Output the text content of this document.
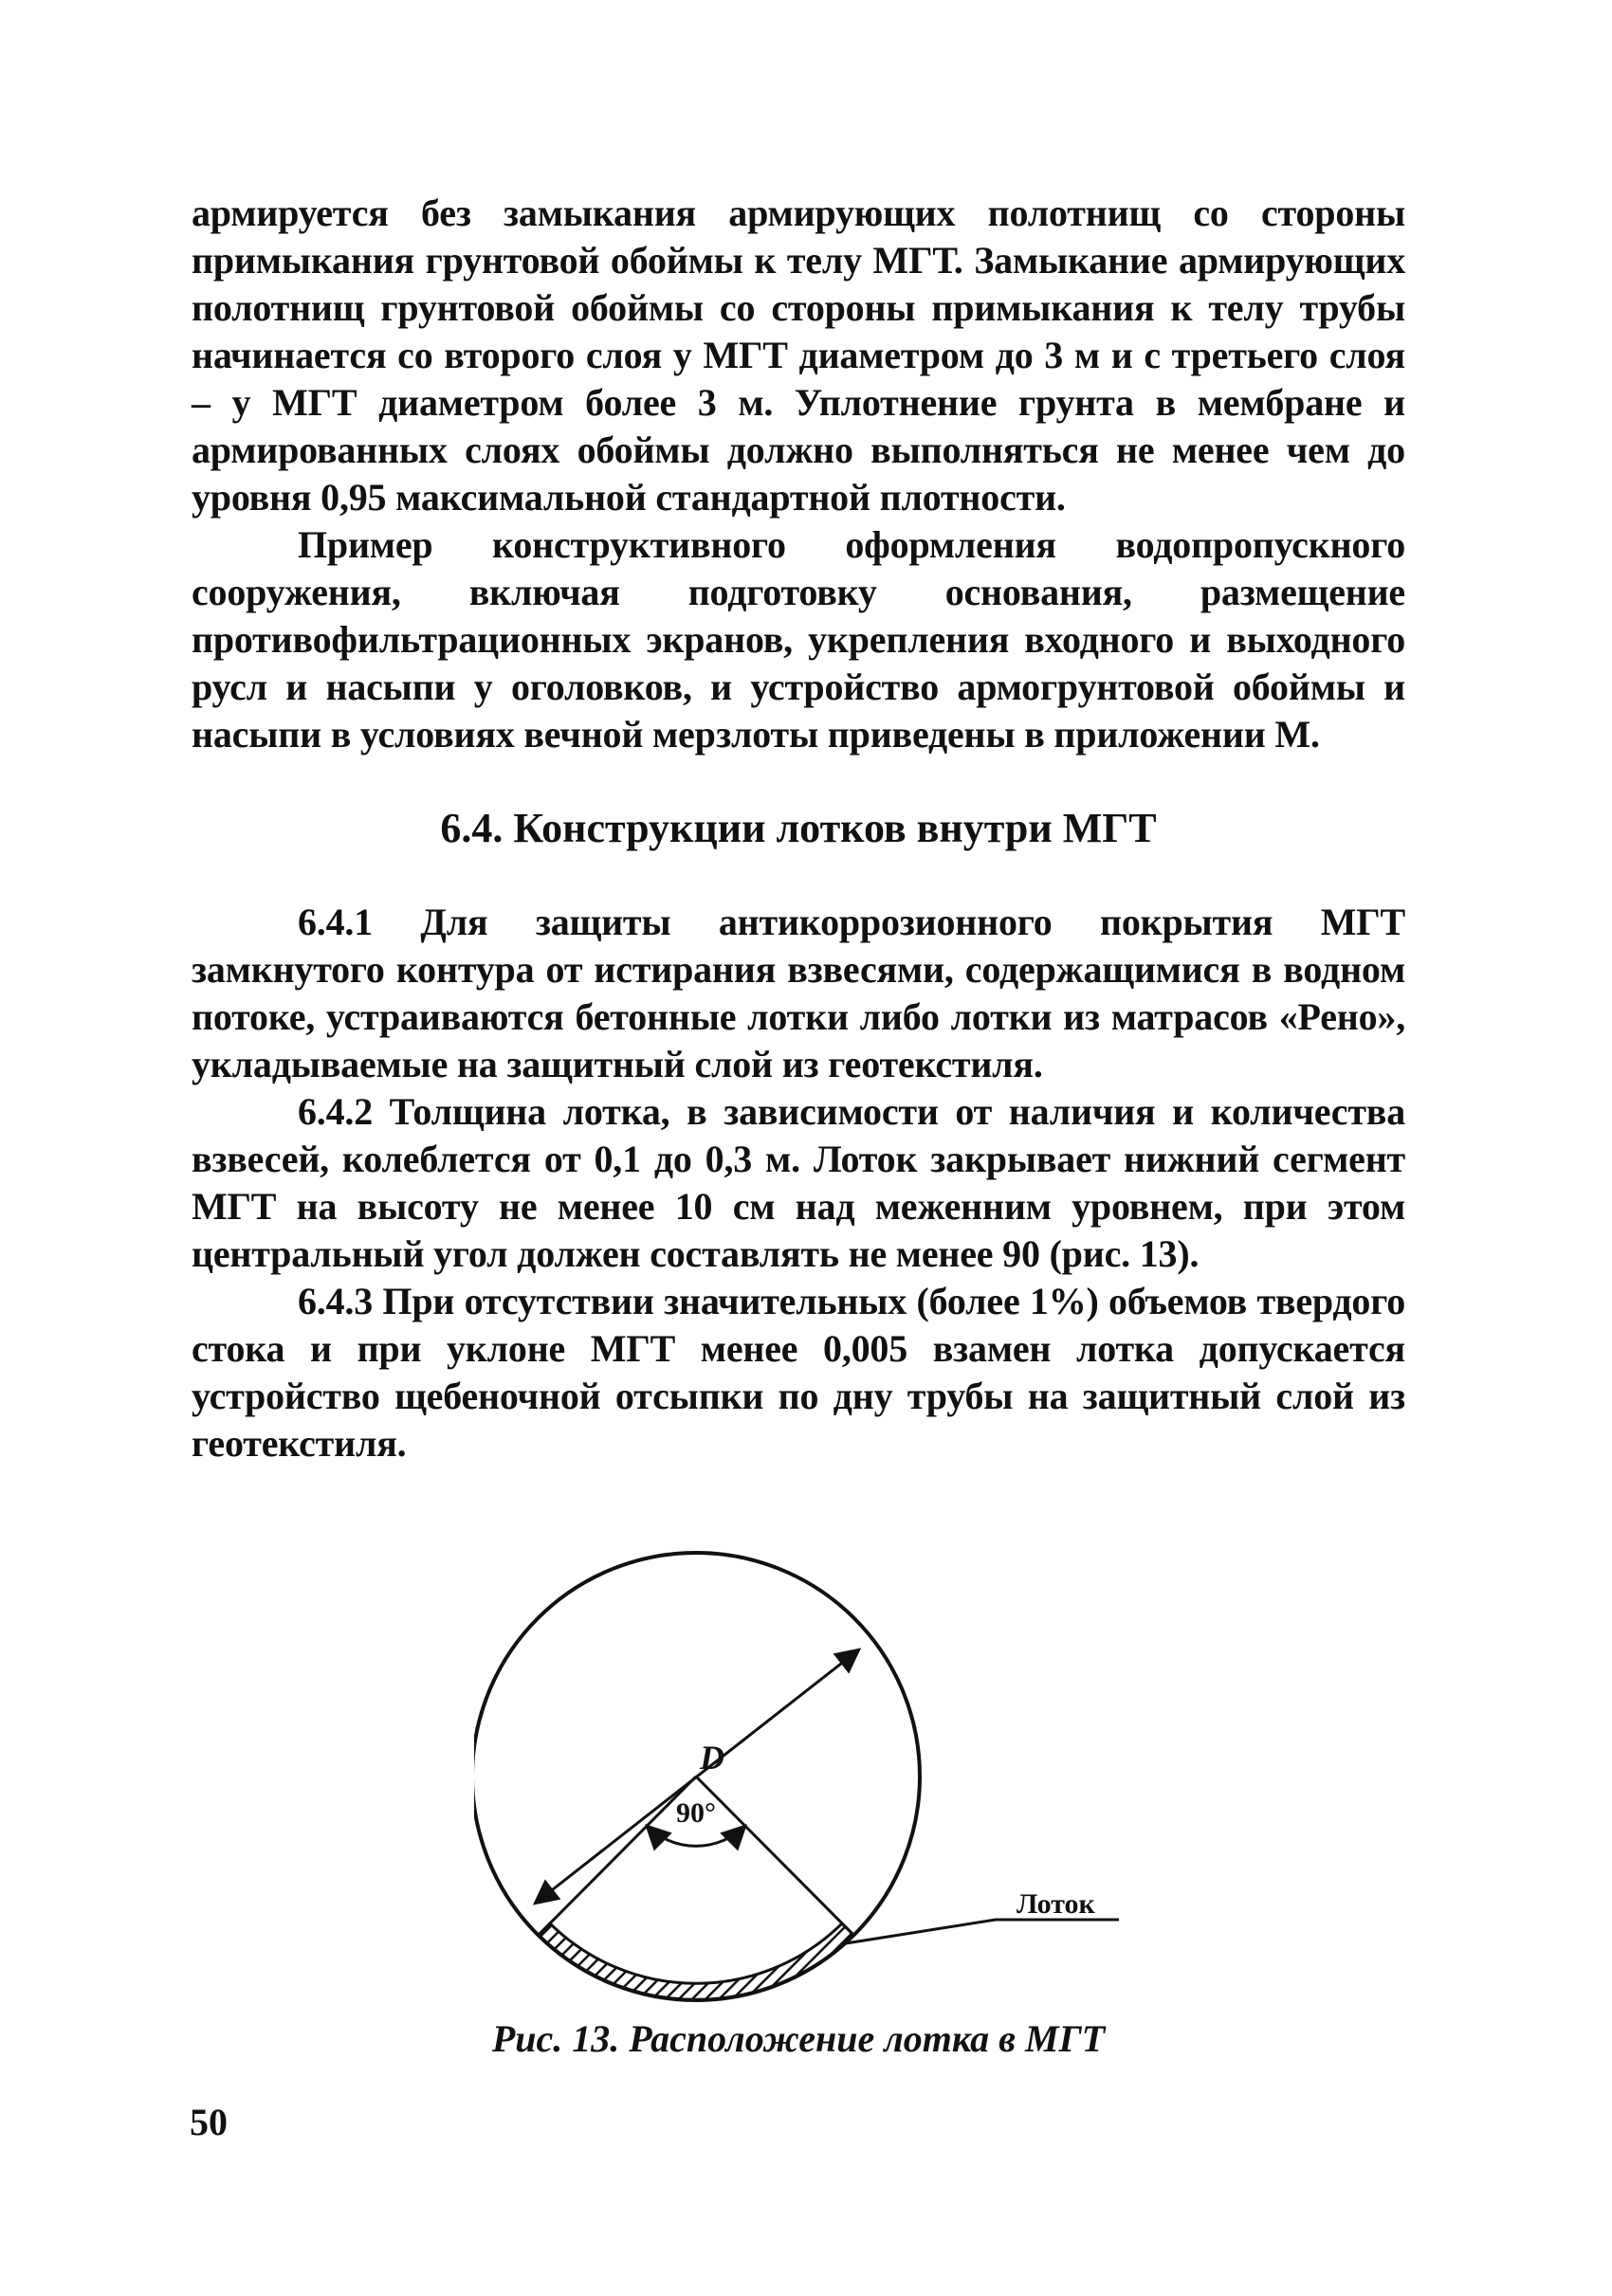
армируется без замыкания армирующих полотнищ со стороны примыкания грунтовой обоймы к телу МГТ. Замыкание армирующих полотнищ грунтовой обоймы со стороны примыкания к телу трубы начинается со второго слоя у МГТ диаметром до 3 м и с третьего слоя – у МГТ диаметром более 3 м. Уплотнение грунта в мембране и армированных слоях обоймы должно выполняться не менее чем до уровня 0,95 максимальной стандартной плотности.

Пример конструктивного оформления водопропускного сооружения, включая подготовку основания, размещение противофильтрационных экранов, укрепления входного и выходного русл и насыпи у оголовков, и устройство армогрунтовой обоймы и насыпи в условиях вечной мерзлоты приведены в приложении М.

6.4. Конструкции лотков внутри МГТ

6.4.1 Для защиты антикоррозионного покрытия МГТ замкнутого контура от истирания взвесями, содержащимися в водном потоке, устраиваются бетонные лотки либо лотки из матрасов «Рено», укладываемые на защитный слой из геотекстиля.

6.4.2 Толщина лотка, в зависимости от наличия и количества взвесей, колеблется от 0,1 до 0,3 м. Лоток закрывает нижний сегмент МГТ на высоту не менее 10 см над меженним уровнем, при этом центральный угол должен составлять не менее 90 (рис. 13).

6.4.3 При отсутствии значительных (более 1%) объемов твердого стока и при уклоне МГТ менее 0,005 взамен лотка допускается устройство щебеночной отсыпки по дну трубы на защитный слой из геотекстиля.

D
90°
Лоток
Рис. 13. Расположение лотка в МГТ
50
